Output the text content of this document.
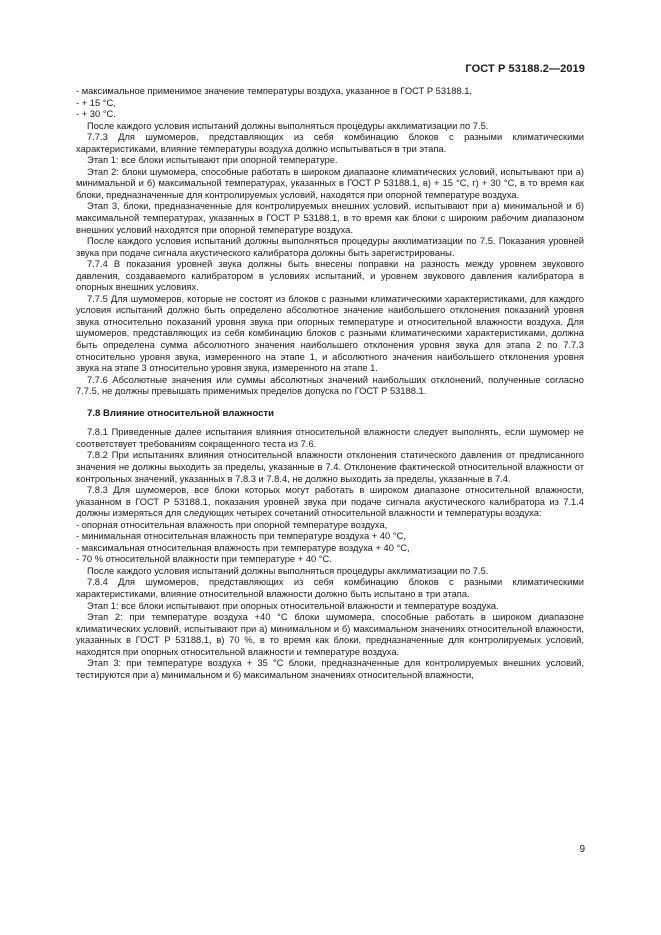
ГОСТ Р 53188.2—2019

- максимальное применимое значение температуры воздуха, указанное в ГОСТ Р 53188.1,

- + 15 °С,

- + 30 °С.

После каждого условия испытаний должны выполняться процедуры акклиматизации по 7.5.

7.7.3 Для шумомеров, представляющих из себя комбинацию блоков с разными климатическими характеристиками, влияние температуры воздуха должно испытываться в три этапа.

Этап 1: все блоки испытывают при опорной температуре.

Этап 2: блоки шумомера, способные работать в широком диапазоне климатических условий, испытывают при а) минимальной и б) максимальной температурах, указанных в ГОСТ Р 53188.1, в) + 15 °С, г) + 30 °С, в то время как блоки, предназначенные для контролируемых условий, находятся при опорной температуре воздуха.

Этап 3, блоки, предназначенные для контролируемых внешних условий, испытывают при а) минимальной и б) максимальной температурах, указанных в ГОСТ Р 53188.1, в то время как блоки с широким рабочим диапазоном внешних условий находятся при опорной температуре воздуха.

После каждого условия испытаний должны выполняться процедуры акклиматизации по 7.5. Показания уровней звука при подаче сигнала акустического калибратора должны быть зарегистрированы.

7.7.4 В показания уровней звука должны быть внесены поправки на разность между уровнем звукового давления, создаваемого калибратором в условиях испытаний, и уровнем звукового давления калибратора в опорных внешних условиях.

7.7.5 Для шумомеров, которые не состоят из блоков с разными климатическими характеристиками, для каждого условия испытаний должно быть определено абсолютное значение наибольшего отклонения показаний уровня звука относительно показаний уровня звука при опорных температуре и относительной влажности воздуха. Для шумомеров, представляющих из себя комбинацию блоков с разными климатическими характеристиками, должна быть определена сумма абсолютного значения наибольшего отклонения уровня звука для этапа 2 по 7.7.3 относительно уровня звука, измеренного на этапе 1, и абсолютного значения наибольшего отклонения уровня звука на этапе 3 относительно уровня звука, измеренного на этапе 1.

7.7.6 Абсолютные значения или суммы абсолютных значений наибольших отклонений, полученные согласно 7.7.5, не должны превышать применимых пределов допуска по ГОСТ Р 53188.1.

7.8 Влияние относительной влажности

7.8.1 Приведенные далее испытания влияния относительной влажности следует выполнять, если шумомер не соответствует требованиям сокращенного теста из 7.6.

7.8.2 При испытаниях влияния относительной влажности отклонения статического давления от предписанного значения не должны выходить за пределы, указанные в 7.4. Отклонение фактической относительной влажности от контрольных значений, указанных в 7.8.3 и 7.8.4, не должно выходить за пределы, указанные в 7.4.

7.8.3 Для шумомеров, все блоки которых могут работать в широком диапазоне относительной влажности, указанном в ГОСТ Р 53188.1, показания уровней звука при подаче сигнала акустического калибратора из 7.1.4 должны измеряться для следующих четырех сочетаний относительной влажности и температуры воздуха:

- опорная относительная влажность при опорной температуре воздуха,

- минимальная относительная влажность при температуре воздуха + 40 °С,

- максимальная относительная влажность при температуре воздуха + 40 °С,

- 70 % относительной влажности при температуре + 40 °С.

После каждого условия испытаний должны выполняться процедуры акклиматизации по 7.5.

7.8.4 Для шумомеров, представляющих из себя комбинацию блоков с разными климатическими характеристиками, влияние относительной влажности должно быть испытано в три этапа.

Этап 1: все блоки испытывают при опорных относительной влажности и температуре воздуха.

Этап 2: при температуре воздуха +40 °С блоки шумомера, способные работать в широком диапазоне климатических условий, испытывают при а) минимальном и б) максимальном значениях относительной влажности, указанных в ГОСТ Р 53188.1, в) 70 %, в то время как блоки, предназначенные для контролируемых условий, находятся при опорных относительной влажности и температуре воздуха.

Этап 3: при температуре воздуха + 35 °С блоки, предназначенные для контролируемых внешних условий, тестируются при а) минимальном и б) максимальном значениях относительной влажности,

9
